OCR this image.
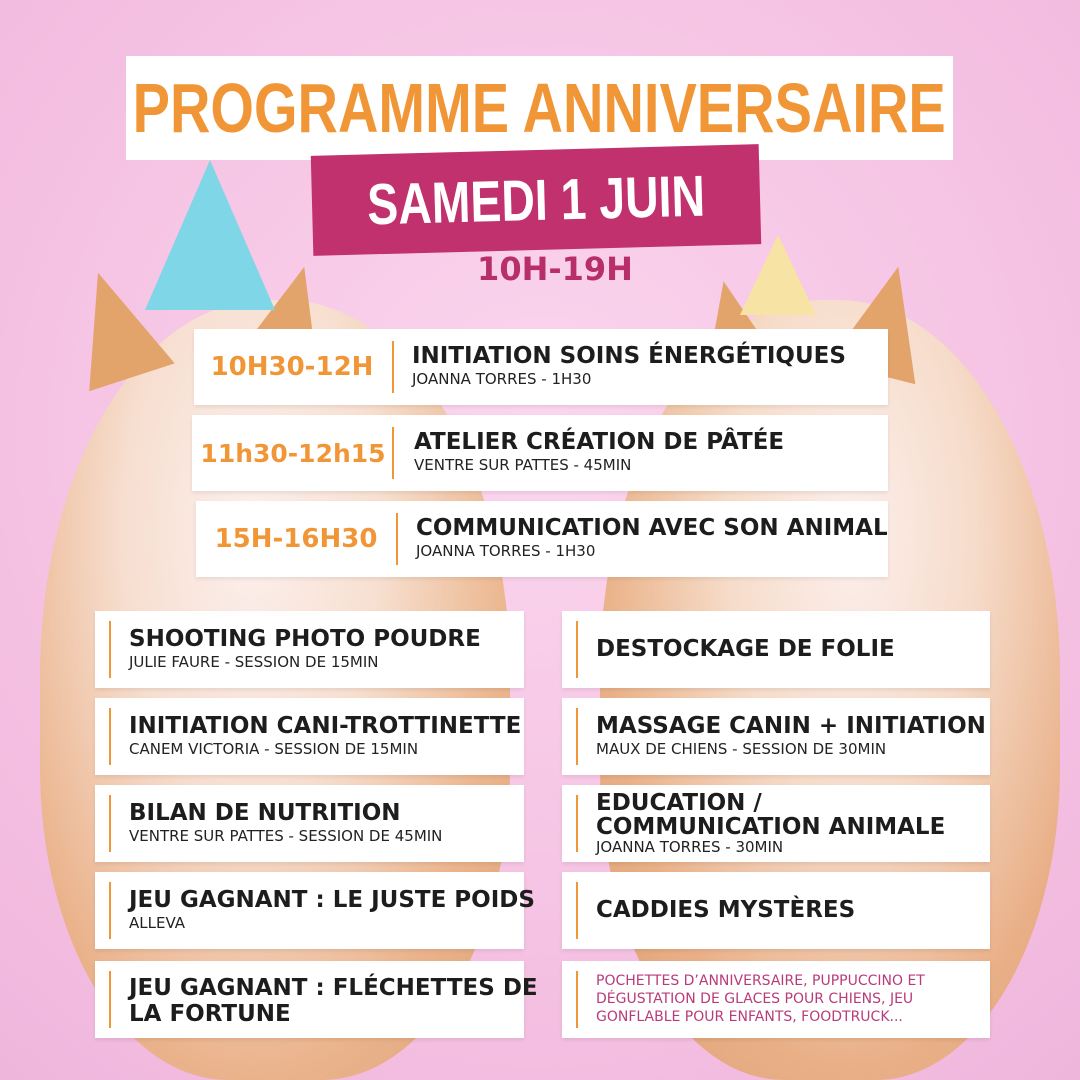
PROGRAMME ANNIVERSAIRE
SAMEDI 1 JUIN
10H-19H
10H30-12H	INITIATION SOINS ÉNERGÉTIQUES
JOANNA TORRES - 1H30
11h30-12h15 ATELIER CRÉATION DE PÂTÉE
VENTRE SUR PATTES - 45MIN
15H-16H30	COMMUNICATION AVEC SON ANIMAL
JOANNA TORRES - 1H30
SHOOTING PHOTO POUDRE
JULIE FAURE - SESSION DE 15MIN
INITIATION CANI-TROTTINETTE
CANEM VICTORIA - SESSION DE 15MIN
BILAN DE NUTRITION
VENTRE SUR PATTES - SESSION DE 45MIN
JEU GAGNANT : LE JUSTE POIDS
ALLEVA
JEU GAGNANT : FLÉCHETTES DE
LA FORTUNE
DESTOCKAGE DE FOLIE
MASSAGE CANIN + INITIATION
MAUX DE CHIENS - SESSION DE 30MIN
EDUCATION /
COMMUNICATION ANIMALE
JOANNA TORRES - 30MIN
CADDIES MYSTÈRES
POCHETTES D’ANNIVERSAIRE, PUPPUCCINO ET
DÉGUSTATION DE GLACES POUR CHIENS, JEU
GONFLABLE POUR ENFANTS, FOODTRUCK...
